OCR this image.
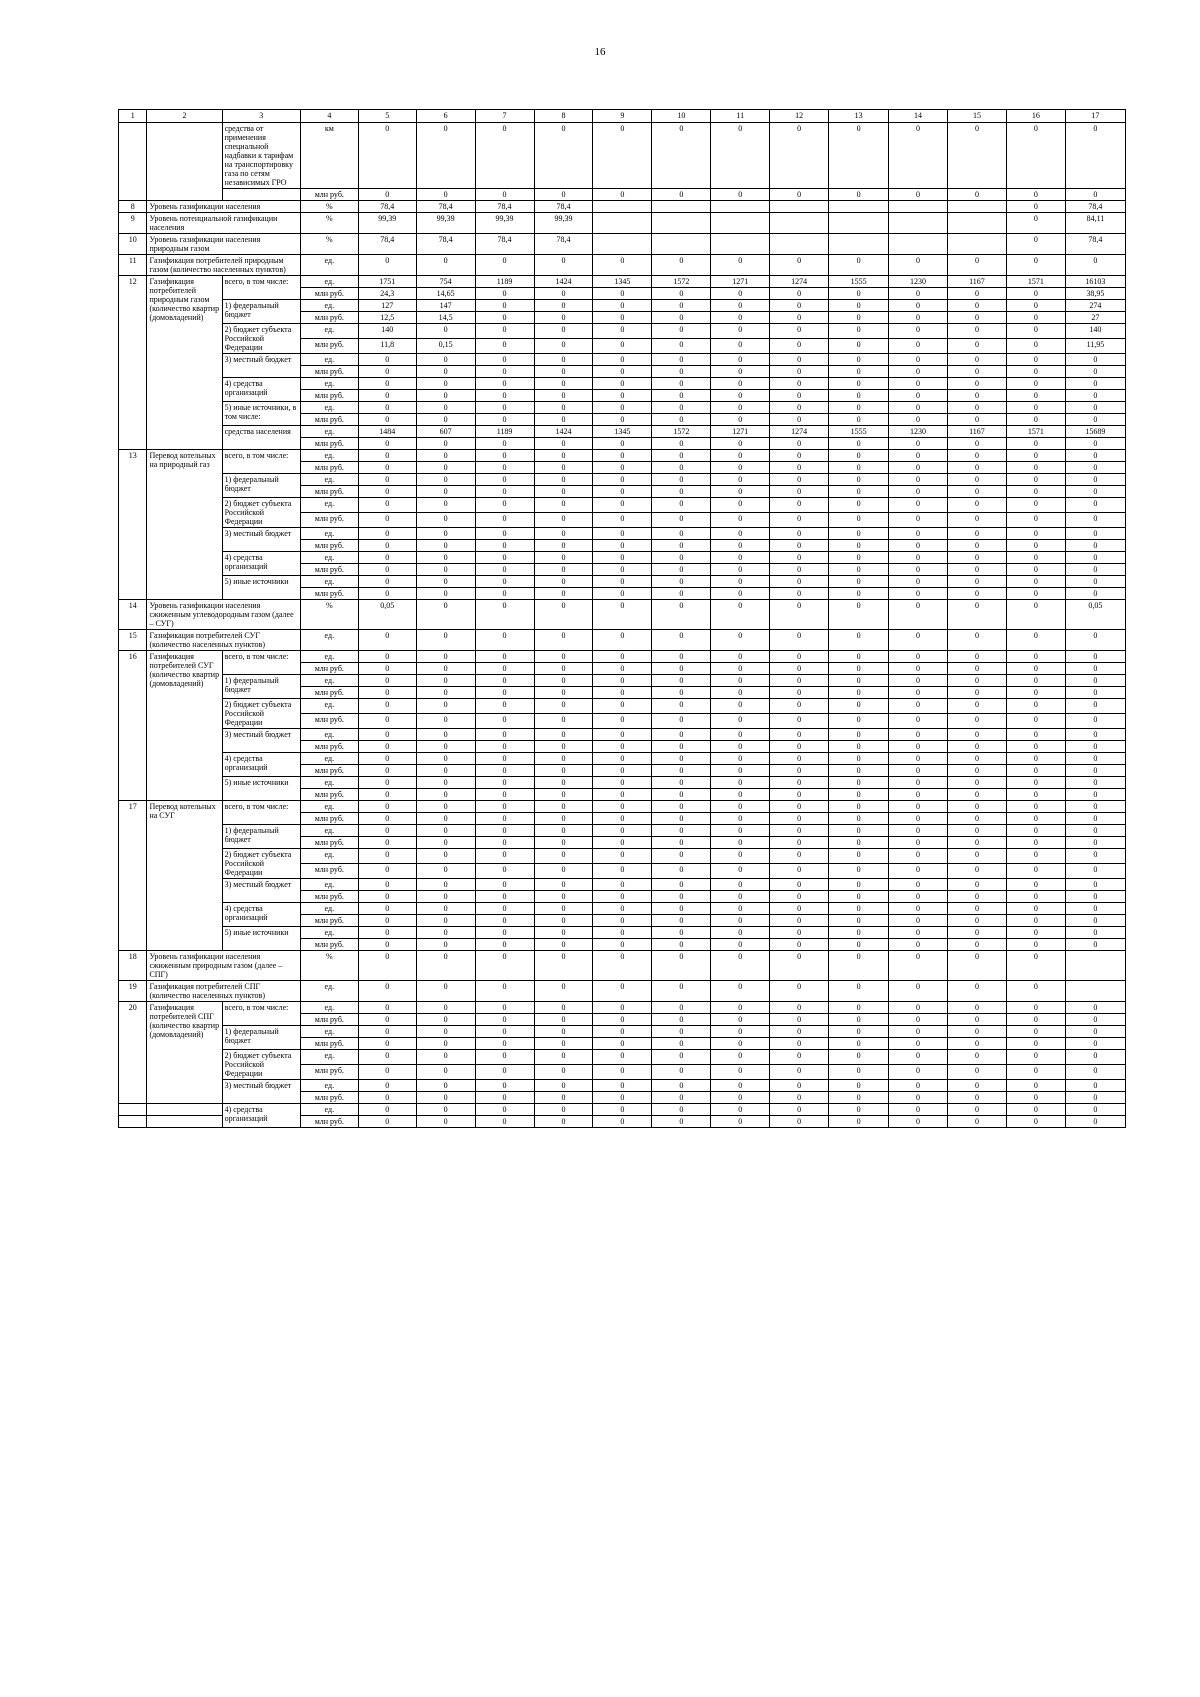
16
1	2	3	4	5	6	7	8	9	10	11	12	13	14	15	16	17
		средства от применения специальной надбавки к тарифам на транспортировку газа по сетям независимых ГРО	км	0	0	0	0	0	0	0	0	0	0	0	0	0
			млн руб.	0	0	0	0	0	0	0	0	0	0	0	0	0
8	Уровень газификации населения		%	78,4	78,4	78,4	78,4								0	78,4
9	Уровень потенциальной газификации населения		%	99,39	99,39	99,39	99,39								0	84,11
10	Уровень газификации населения природным газом		%	78,4	78,4	78,4	78,4								0	78,4
11	Газификация потребителей природным газом (количество населенных пунктов)		ед.	0	0	0	0	0	0	0	0	0	0	0	0	0
12	Газификация потребителей природным газом (количество квартир (домовладений)	всего, в том числе:	ед.	1751	754	1189	1424	1345	1572	1271	1274	1555	1230	1167	1571	16103
			млн руб.	24,3	14,65	0	0	0	0	0	0	0	0	0	0	38,95
		1) федеральный бюджет	ед.	127	147	0	0	0	0	0	0	0	0	0	0	274
			млн руб.	12,5	14,5	0	0	0	0	0	0	0	0	0	0	27
		2) бюджет субъекта Российской Федерации	ед.	140	0	0	0	0	0	0	0	0	0	0	0	140
			млн руб.	11,8	0,15	0	0	0	0	0	0	0	0	0	0	11,95
		3) местный бюджет	ед.	0	0	0	0	0	0	0	0	0	0	0	0	0
			млн руб.	0	0	0	0	0	0	0	0	0	0	0	0	0
		4) средства организаций	ед.	0	0	0	0	0	0	0	0	0	0	0	0	0
			млн руб.	0	0	0	0	0	0	0	0	0	0	0	0	0
		5) иные источники, в том числе:	ед.	0	0	0	0	0	0	0	0	0	0	0	0	0
			млн руб.	0	0	0	0	0	0	0	0	0	0	0	0	0
		средства населения	ед.	1484	607	1189	1424	1345	1572	1271	1274	1555	1230	1167	1571	15689
			млн руб.	0	0	0	0	0	0	0	0	0	0	0	0	0
13	Перевод котельных на природный газ	всего, в том числе:	ед.	0	0	0	0	0	0	0	0	0	0	0	0	0
			млн руб.	0	0	0	0	0	0	0	0	0	0	0	0	0
		1) федеральный бюджет	ед.	0	0	0	0	0	0	0	0	0	0	0	0	0
			млн руб.	0	0	0	0	0	0	0	0	0	0	0	0	0
		2) бюджет субъекта Российской Федерации	ед.	0	0	0	0	0	0	0	0	0	0	0	0	0
			млн руб.	0	0	0	0	0	0	0	0	0	0	0	0	0
		3) местный бюджет	ед.	0	0	0	0	0	0	0	0	0	0	0	0	0
			млн руб.	0	0	0	0	0	0	0	0	0	0	0	0	0
		4) средства организаций	ед.	0	0	0	0	0	0	0	0	0	0	0	0	0
			млн руб.	0	0	0	0	0	0	0	0	0	0	0	0	0
		5) иные источники	ед.	0	0	0	0	0	0	0	0	0	0	0	0	0
			млн руб.	0	0	0	0	0	0	0	0	0	0	0	0	0
14	Уровень газификации населения сжиженным углеводородным газом (далее – СУГ)		%	0,05	0	0	0	0	0	0	0	0	0	0	0	0,05
15	Газификация потребителей СУГ (количество населенных пунктов)		ед.	0	0	0	0	0	0	0	0	0	0	0	0	0
16	Газификация потребителей СУГ (количество квартир (домовладений)	всего, в том числе:	ед.	0	0	0	0	0	0	0	0	0	0	0	0	0
			млн руб.	0	0	0	0	0	0	0	0	0	0	0	0	0
		1) федеральный бюджет	ед.	0	0	0	0	0	0	0	0	0	0	0	0	0
			млн руб.	0	0	0	0	0	0	0	0	0	0	0	0	0
		2) бюджет субъекта Российской Федерации	ед.	0	0	0	0	0	0	0	0	0	0	0	0	0
			млн руб.	0	0	0	0	0	0	0	0	0	0	0	0	0
		3) местный бюджет	ед.	0	0	0	0	0	0	0	0	0	0	0	0	0
			млн руб.	0	0	0	0	0	0	0	0	0	0	0	0	0
		4) средства организаций	ед.	0	0	0	0	0	0	0	0	0	0	0	0	0
			млн руб.	0	0	0	0	0	0	0	0	0	0	0	0	0
		5) иные источники	ед.	0	0	0	0	0	0	0	0	0	0	0	0	0
			млн руб.	0	0	0	0	0	0	0	0	0	0	0	0	0
17	Перевод котельных на СУГ	всего, в том числе:	ед.	0	0	0	0	0	0	0	0	0	0	0	0	0
			млн руб.	0	0	0	0	0	0	0	0	0	0	0	0	0
		1) федеральный бюджет	ед.	0	0	0	0	0	0	0	0	0	0	0	0	0
			млн руб.	0	0	0	0	0	0	0	0	0	0	0	0	0
		2) бюджет субъекта Российской Федерации	ед.	0	0	0	0	0	0	0	0	0	0	0	0	0
			млн руб.	0	0	0	0	0	0	0	0	0	0	0	0	0
		3) местный бюджет	ед.	0	0	0	0	0	0	0	0	0	0	0	0	0
			млн руб.	0	0	0	0	0	0	0	0	0	0	0	0	0
		4) средства организаций	ед.	0	0	0	0	0	0	0	0	0	0	0	0	0
			млн руб.	0	0	0	0	0	0	0	0	0	0	0	0	0
		5) иные источники	ед.	0	0	0	0	0	0	0	0	0	0	0	0	0
			млн руб.	0	0	0	0	0	0	0	0	0	0	0	0	0
18	Уровень газификации населения сжиженным природным газом (далее – СПГ)		%	0	0	0	0	0	0	0	0	0	0	0	0	
19	Газификация потребителей СПГ (количество населенных пунктов)		ед.	0	0	0	0	0	0	0	0	0	0	0	0	
20	Газификация потребителей СПГ (количество квартир (домовладений)	всего, в том числе:	ед.	0	0	0	0	0	0	0	0	0	0	0	0	0
			млн руб.	0	0	0	0	0	0	0	0	0	0	0	0	0
		1) федеральный бюджет	ед.	0	0	0	0	0	0	0	0	0	0	0	0	0
			млн руб.	0	0	0	0	0	0	0	0	0	0	0	0	0
		2) бюджет субъекта Российской Федерации	ед.	0	0	0	0	0	0	0	0	0	0	0	0	0
			млн руб.	0	0	0	0	0	0	0	0	0	0	0	0	0
		3) местный бюджет	ед.	0	0	0	0	0	0	0	0	0	0	0	0	0
			млн руб.	0	0	0	0	0	0	0	0	0	0	0	0	0
		4) средства организаций	ед.	0	0	0	0	0	0	0	0	0	0	0	0	0
			млн руб.	0	0	0	0	0	0	0	0	0	0	0	0	0
